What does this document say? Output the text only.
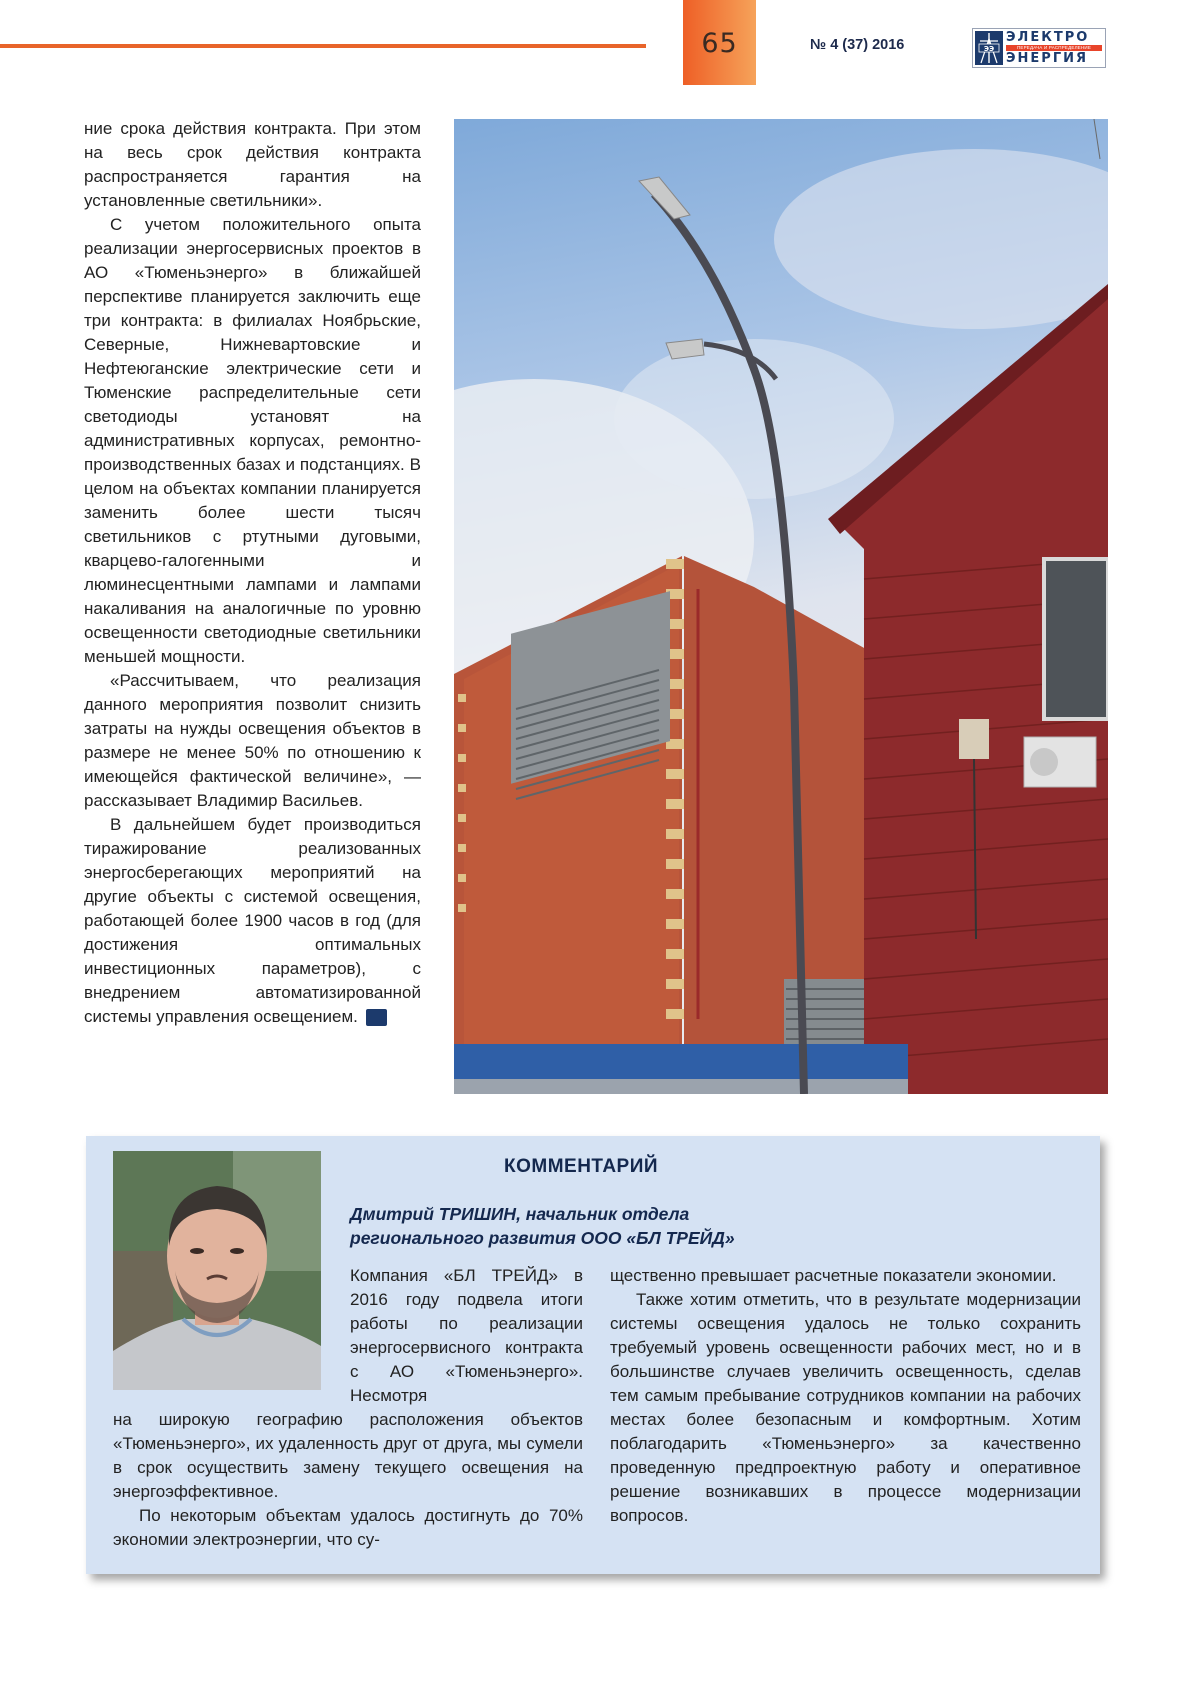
65	№ 4 (37) 2016	ЭЭ
ЭЛЕКТРО
ПЕРЕДАЧА И РАСПРЕДЕЛЕНИЕ
ЭНЕРГИЯ

ние срока действия контракта. При этом на весь срок действия контракта распространяется гарантия на установленные светильники».

С учетом положительного опыта реализации энергосервисных проектов в АО «Тюменьэнерго» в ближайшей перспективе планируется заключить еще три контракта: в филиалах Ноябрьские, Северные, Нижневартовские и Нефтеюганские электрические сети и Тюменские распределительные сети светодиоды установят на административных корпусах, ремонтно-производственных базах и подстанциях. В целом на объектах компании планируется заменить более шести тысяч светильников с ртутными дуговыми, кварцево-галогенными и люминесцентными лампами и лампами накаливания на аналогичные по уровню освещенности светодиодные светильники меньшей мощности.

«Рассчитываем, что реализация данного мероприятия позволит снизить затраты на нужды освещения объектов в размере не менее 50% по отношению к имеющейся фактической величине», — рассказывает Владимир Васильев.

В дальнейшем будет производиться тиражирование реализованных энергосберегающих мероприятий на другие объекты с системой освещения, работающей более 1900 часов в год (для достижения оптимальных инвестиционных параметров), с внедрением автоматизированной системы управления освещением.	Р

КОММЕНТАРИЙ
Дмитрий ТРИШИН, начальник отдела
регионального развития ООО «БЛ ТРЕЙД»

Компания «БЛ ТРЕЙД» в 2016 году подвела итоги работы по реализации энергосервисного контракта с АО «Тюменьэнерго». Несмотря

на широкую географию расположения объектов «Тюменьэнерго», их удаленность друг от друга, мы сумели в срок осуществить замену текущего освещения на энергоэффективное.

По некоторым объектам удалось достигнуть до 70% экономии электроэнергии, что су-

щественно превышает расчетные показатели экономии.

Также хотим отметить, что в результате модернизации системы освещения удалось не только сохранить требуемый уровень освещенности рабочих мест, но и в большинстве случаев увеличить освещенность, сделав тем самым пребывание сотрудников компании на рабочих местах более безопасным и комфортным. Хотим поблагодарить «Тюменьэнерго» за качественно проведенную предпроектную работу и оперативное решение возникавших в процессе модернизации вопросов.
